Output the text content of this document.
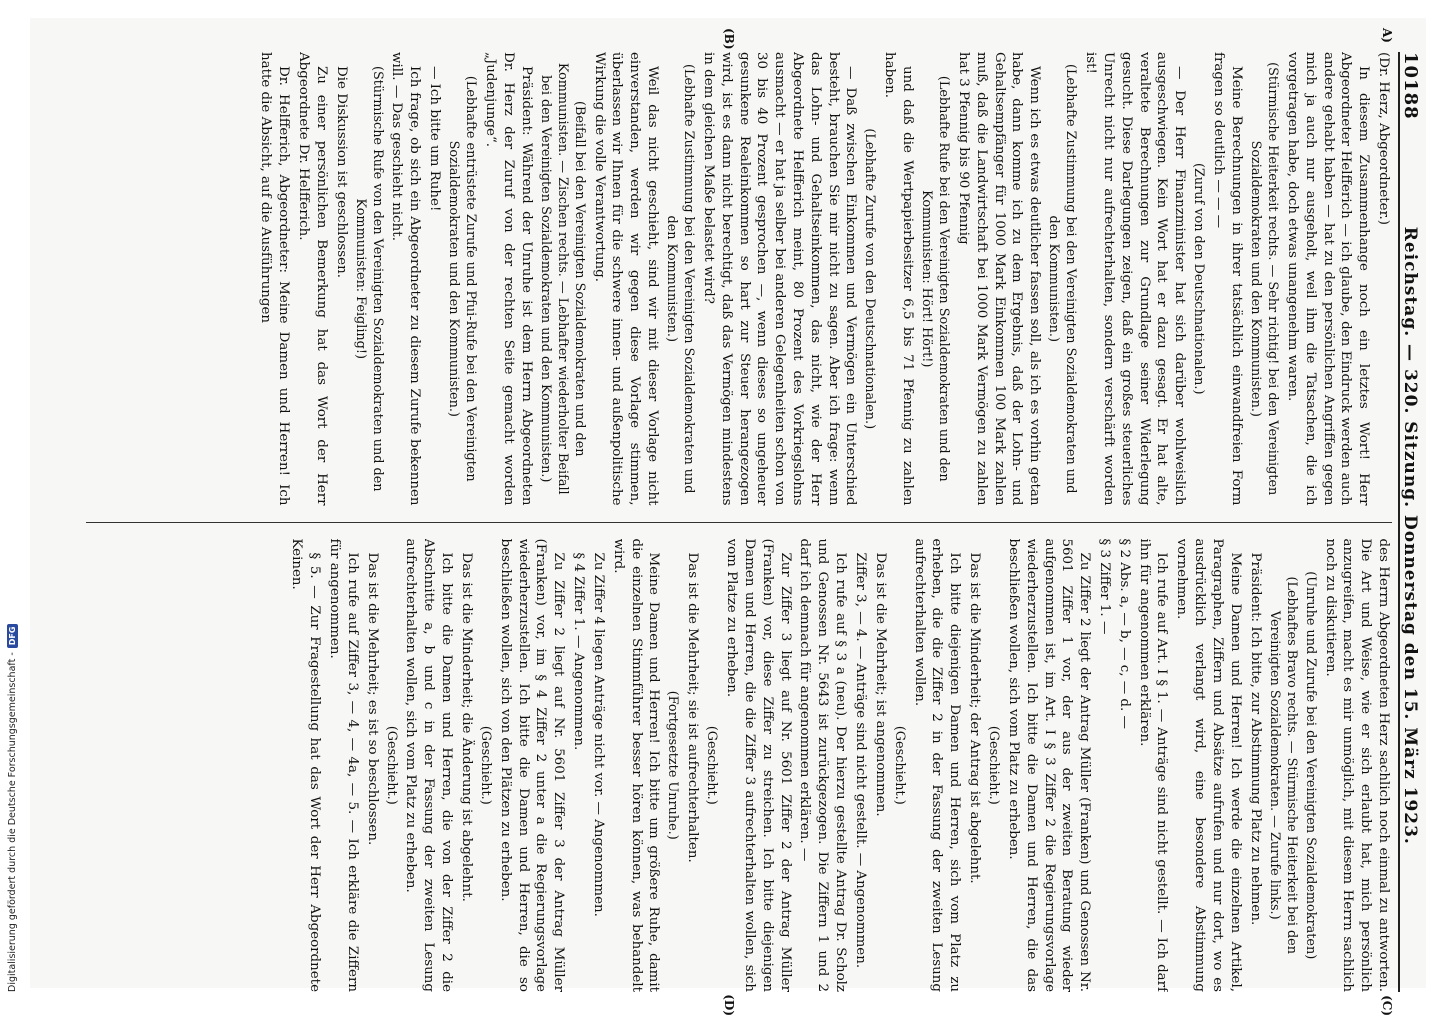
10188
Reichstag. — 320. Sitzung. Donnerstag den 15. März 1923.
A)
(B)
(C)
(D)

(Dr. Herz, Abgeordneter.)

In diesem Zusammenhange noch ein letztes Wort! Herr Abgeordneter Helfferich — ich glaube, den Eindruck werden auch andere gehabt haben — hat zu den persönlichen Angriffen gegen mich ja auch nur ausgeholt, weil ihm die Tatsachen, die ich vorgetragen habe, doch etwas unangenehm waren.

(Stürmische Heiterkeit rechts. — Sehr richtig! bei den Vereinigten Sozialdemokraten und den Kommunisten.)

Meine Berechnungen in ihrer tatsächlich einwandfreien Form fragen so deutlich — — —

(Zuruf von den Deutschnationalen.)

— Der Herr Finanzminister hat sich darüber wohlweislich ausgeschwiegen. Kein Wort hat er dazu gesagt. Er hat alte, veraltete Berechnungen zur Grundlage seiner Widerlegung gesucht. Diese Darlegungen zeigen, daß ein großes steuerliches Unrecht nicht nur aufrechterhalten, sondern verschärft worden ist!

(Lebhafte Zustimmung bei den Vereinigten Sozialdemokraten und den Kommunisten.)

Wenn ich es etwas deutlicher fassen soll, als ich es vorhin getan habe, dann komme ich zu dem Ergebnis, daß der Lohn- und Gehaltsempfänger für 1000 Mark Einkommen 100 Mark zahlen muß, daß die Landwirtschaft bei 1000 Mark Vermögen zu zahlen hat 3 Pfennig bis 90 Pfennig

(Lebhafte Rufe bei den Vereinigten Sozialdemokraten und den Kommunisten: Hört! Hört!)

und daß die Wertpapierbesitzer 6,5 bis 71 Pfennig zu zahlen haben.

(Lebhafte Zurufe von den Deutschnationalen.)

— Daß zwischen Einkommen und Vermögen ein Unterschied besteht, brauchen Sie mir nicht zu sagen. Aber ich frage: wenn das Lohn- und Gehaltseinkommen, das nicht, wie der Herr Abgeordnete Helfferich meint, 80 Prozent des Vorkriegslohns ausmacht — er hat ja selber bei anderen Gelegenheiten schon von 30 bis 40 Prozent gesprochen —, wenn dieses so ungeheuer gesunkene Realeinkommen so hart zur Steuer herangezogen wird, ist es dann nicht berechtigt, daß das Vermögen mindestens in dem gleichen Maße belastet wird?

(Lebhafte Zustimmung bei den Vereinigten Sozialdemokraten und den Kommunisten.)

Weil das nicht geschieht, sind wir mit dieser Vorlage nicht einverstanden, werden wir gegen diese Vorlage stimmen, überlassen wir Ihnen für die schwere innen- und außenpolitische Wirkung die volle Verantwortung.

(Beifall bei den Vereinigten Sozialdemokraten und den Kommunisten. — Zischen rechts. — Lebhafter wiederholter Beifall bei den Vereinigten Sozialdemokraten und den Kommunisten.)

Präsident: Während der Unruhe ist dem Herrn Abgeordneten Dr. Herz der Zuruf von der rechten Seite gemacht worden „Judenjunge“.

(Lebhafte entrüstete Zurufe und Pfui-Rufe bei den Vereinigten Sozialdemokraten und den Kommunisten.)

— Ich bitte um Ruhe!

Ich frage, ob sich ein Abgeordneter zu diesem Zurufe bekennen will. — Das geschieht nicht.

(Stürmische Rufe von den Vereinigten Sozialdemokraten und den Kommunisten: Feigling!)

Die Diskussion ist geschlossen.

Zu einer persönlichen Bemerkung hat das Wort der Herr Abgeordnete Dr. Helfferich.

Dr. Helfferich, Abgeordneter: Meine Damen und Herren! Ich hatte die Absicht, auf die Ausführungen

des Herrn Abgeordneten Herz sachlich noch einmal zu antworten. Die Art und Weise, wie er sich erlaubt hat, mich persönlich anzugreifen, macht es mir unmöglich, mit diesem Herrn sachlich noch zu diskutieren.

(Unruhe und Zurufe bei den Vereinigten Sozialdemokraten)

(Lebhaftes Bravo rechts. — Stürmische Heiterkeit bei den Vereinigten Sozialdemokraten. — Zurufe links.)

Präsident: Ich bitte, zur Abstimmung Platz zu nehmen.

Meine Damen und Herren! Ich werde die einzelnen Artikel, Paragraphen, Ziffern und Absätze aufrufen und nur dort, wo es ausdrücklich verlangt wird, eine besondere Abstimmung vornehmen.

Ich rufe auf Art. I § 1. — Anträge sind nicht gestellt. — Ich darf ihn für angenommen erklären.

§ 2 Abs. a, — b, — c, — d. —

§ 3 Ziffer 1. —

Zu Ziffer 2 liegt der Antrag Müller (Franken) und Genossen Nr. 5601 Ziffer 1 vor, der aus der zweiten Beratung wieder aufgenommen ist, im Art. I § 3 Ziffer 2 die Regierungsvorlage wiederherzustellen. Ich bitte die Damen und Herren, die das beschließen wollen, sich vom Platz zu erheben.

(Geschieht.)

Das ist die Minderheit; der Antrag ist abgelehnt.

Ich bitte diejenigen Damen und Herren, sich vom Platz zu erheben, die die Ziffer 2 in der Fassung der zweiten Lesung aufrechterhalten wollen.

(Geschieht.)

Das ist die Mehrheit; ist angenommen.

Ziffer 3, — 4. — Anträge sind nicht gestellt. — Angenommen.

Ich rufe auf § 3 a (neu). Der hierzu gestellte Antrag Dr. Scholz und Genossen Nr. 5643 ist zurückgezogen. Die Ziffern 1 und 2 darf ich demnach für angenommen erklären. —

Zur Ziffer 3 liegt auf Nr. 5601 Ziffer 2 der Antrag Müller (Franken) vor, diese Ziffer zu streichen. Ich bitte diejenigen Damen und Herren, die die Ziffer 3 aufrechterhalten wollen, sich vom Platze zu erheben.

(Geschieht.)

Das ist die Mehrheit; sie ist aufrechterhalten.

(Fortgesetzte Unruhe.)

Meine Damen und Herren! Ich bitte um größere Ruhe, damit die einzelnen Stimmführer besser hören können, was behandelt wird.

Zu Ziffer 4 liegen Anträge nicht vor. — Angenommen.

§ 4 Ziffer 1. — Angenommen.

Zu Ziffer 2 liegt auf Nr. 5601 Ziffer 3 der Antrag Müller (Franken) vor, im § 4 Ziffer 2 unter a die Regierungsvorlage wiederherzustellen. Ich bitte die Damen und Herren, die so beschließen wollen, sich von den Plätzen zu erheben.

(Geschieht.)

Das ist die Minderheit; die Änderung ist abgelehnt.

Ich bitte die Damen und Herren, die von der Ziffer 2 die Abschnitte a, b und c in der Fassung der zweiten Lesung aufrechterhalten wollen, sich vom Platz zu erheben.

(Geschieht.)

Das ist die Mehrheit; es ist so beschlossen.

Ich rufe auf Ziffer 3, — 4, — 4a, — 5. — Ich erkläre die Ziffern für angenommen.

§ 5. — Zur Fragestellung hat das Wort der Herr Abgeordnete Keinen.

Digitalisierung gefördert durch die Deutsche Forschungsgemeinschaft -
DFG
